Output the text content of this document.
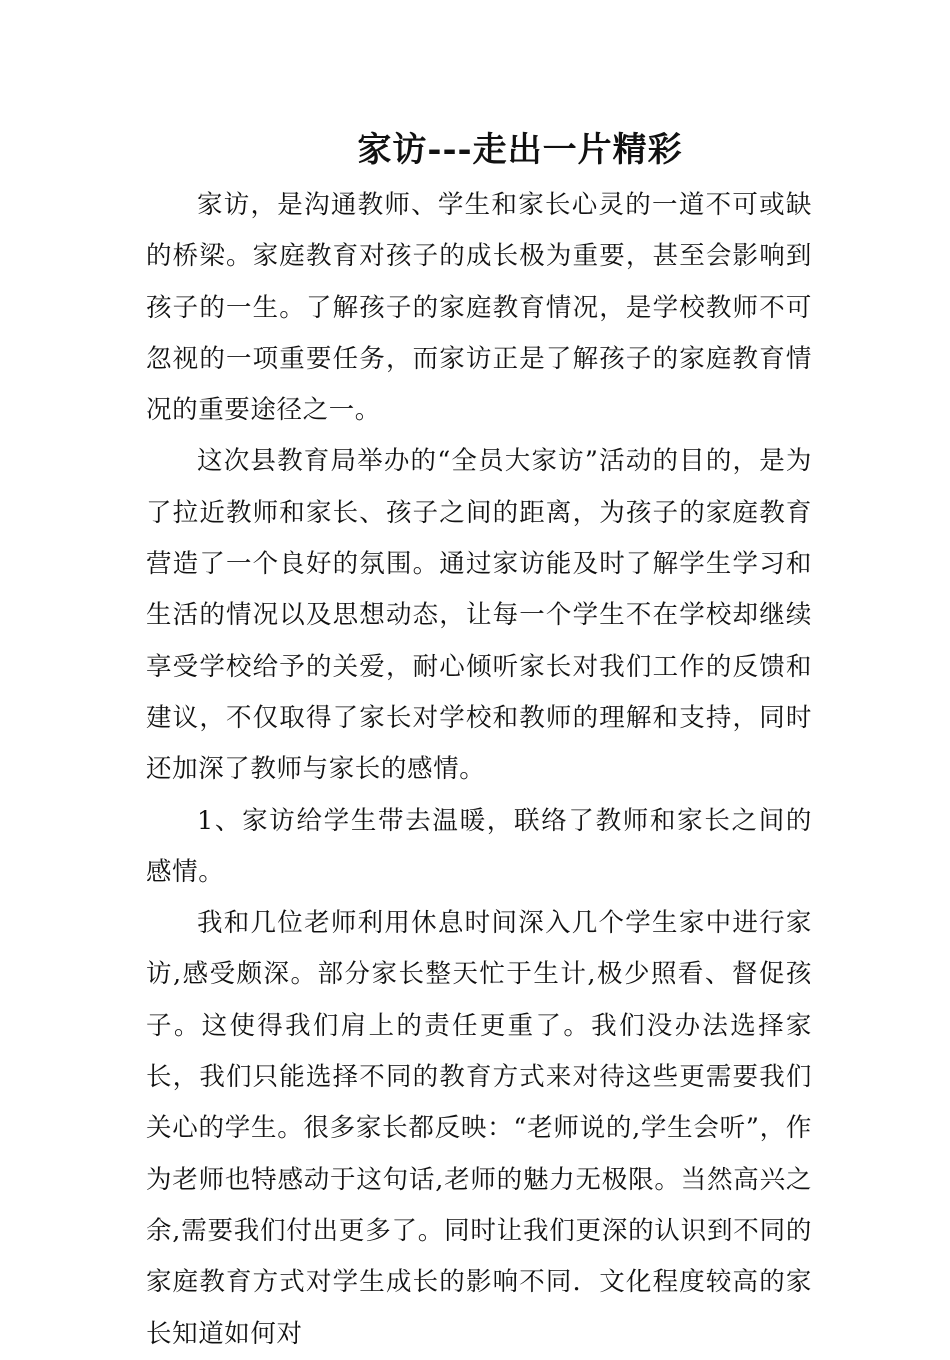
家访---走出一片精彩

家访，是沟通教师、学生和家长心灵的一道不可或缺的桥梁。家庭教育对孩子的成长极为重要，甚至会影响到孩子的一生。了解孩子的家庭教育情况，是学校教师不可忽视的一项重要任务，而家访正是了解孩子的家庭教育情况的重要途径之一。

这次县教育局举办的“全员大家访”活动的目的，是为了拉近教师和家长、孩子之间的距离，为孩子的家庭教育营造了一个良好的氛围。通过家访能及时了解学生学习和生活的情况以及思想动态，让每一个学生不在学校却继续享受学校给予的关爱，耐心倾听家长对我们工作的反馈和建议，不仅取得了家长对学校和教师的理解和支持，同时还加深了教师与家长的感情。

1、家访给学生带去温暖，联络了教师和家长之间的感情。

我和几位老师利用休息时间深入几个学生家中进行家访,感受颇深。部分家长整天忙于生计,极少照看、督促孩子。这使得我们肩上的责任更重了。我们没办法选择家长，我们只能选择不同的教育方式来对待这些更需要我们关心的学生。很多家长都反映：“老师说的,学生会听”，作为老师也特感动于这句话,老师的魅力无极限。当然高兴之余,需要我们付出更多了。同时让我们更深的认识到不同的家庭教育方式对学生成长的影响不同．文化程度较高的家长知道如何对
